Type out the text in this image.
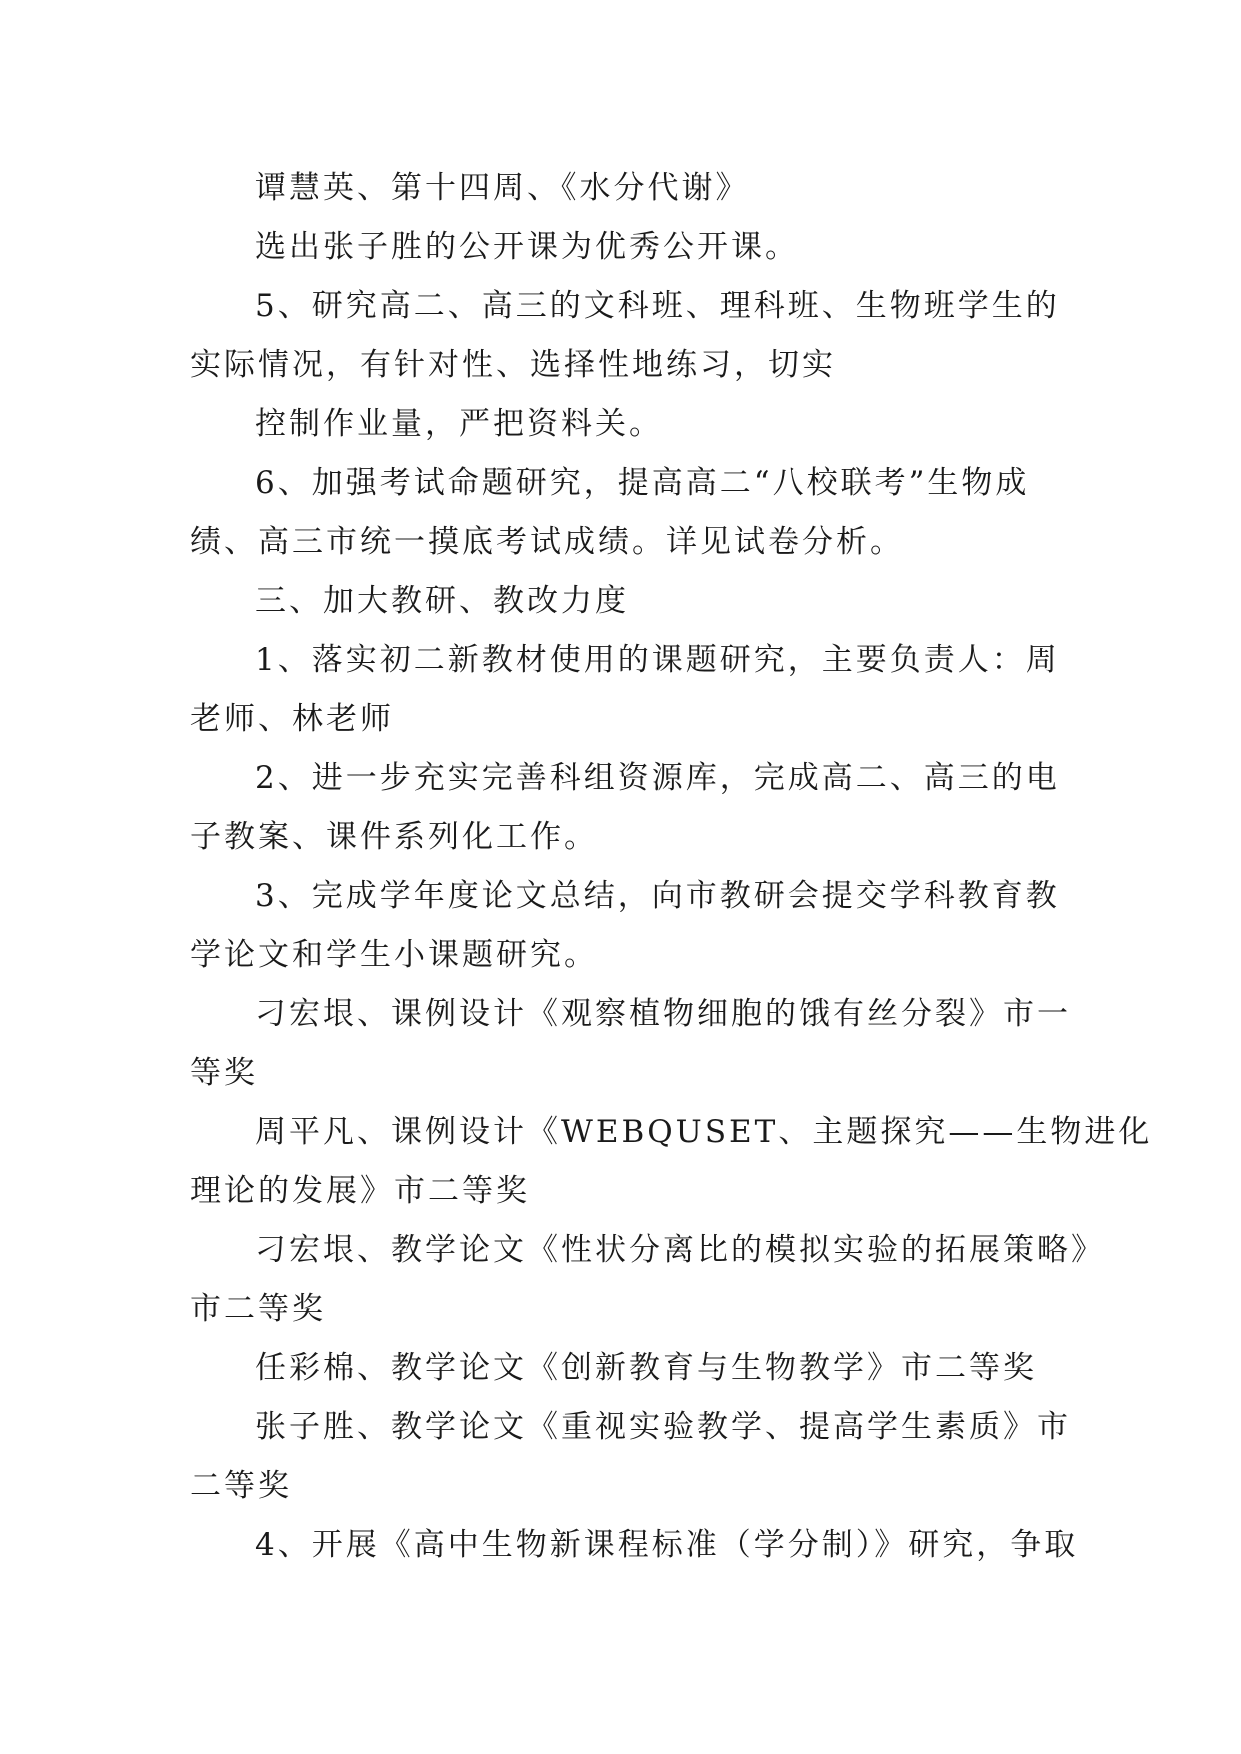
谭慧英、第十四周、《水分代谢》
选出张子胜的公开课为优秀公开课。
5、研究高二、高三的文科班、理科班、生物班学生的
实际情况，有针对性、选择性地练习，切实
控制作业量，严把资料关。
6、加强考试命题研究，提高高二“八校联考”生物成
绩、高三市统一摸底考试成绩。详见试卷分析。
三、加大教研、教改力度
1、落实初二新教材使用的课题研究，主要负责人：周
老师、林老师
2、进一步充实完善科组资源库，完成高二、高三的电
子教案、课件系列化工作。
3、完成学年度论文总结，向市教研会提交学科教育教
学论文和学生小课题研究。
刁宏垠、课例设计《观察植物细胞的饿有丝分裂》市一
等奖
周平凡、课例设计《WEBQUSET、主题探究——生物进化
理论的发展》市二等奖
刁宏垠、教学论文《性状分离比的模拟实验的拓展策略》
市二等奖
任彩棉、教学论文《创新教育与生物教学》市二等奖
张子胜、教学论文《重视实验教学、提高学生素质》市
二等奖
4、开展《高中生物新课程标准（学分制）》研究，争取
